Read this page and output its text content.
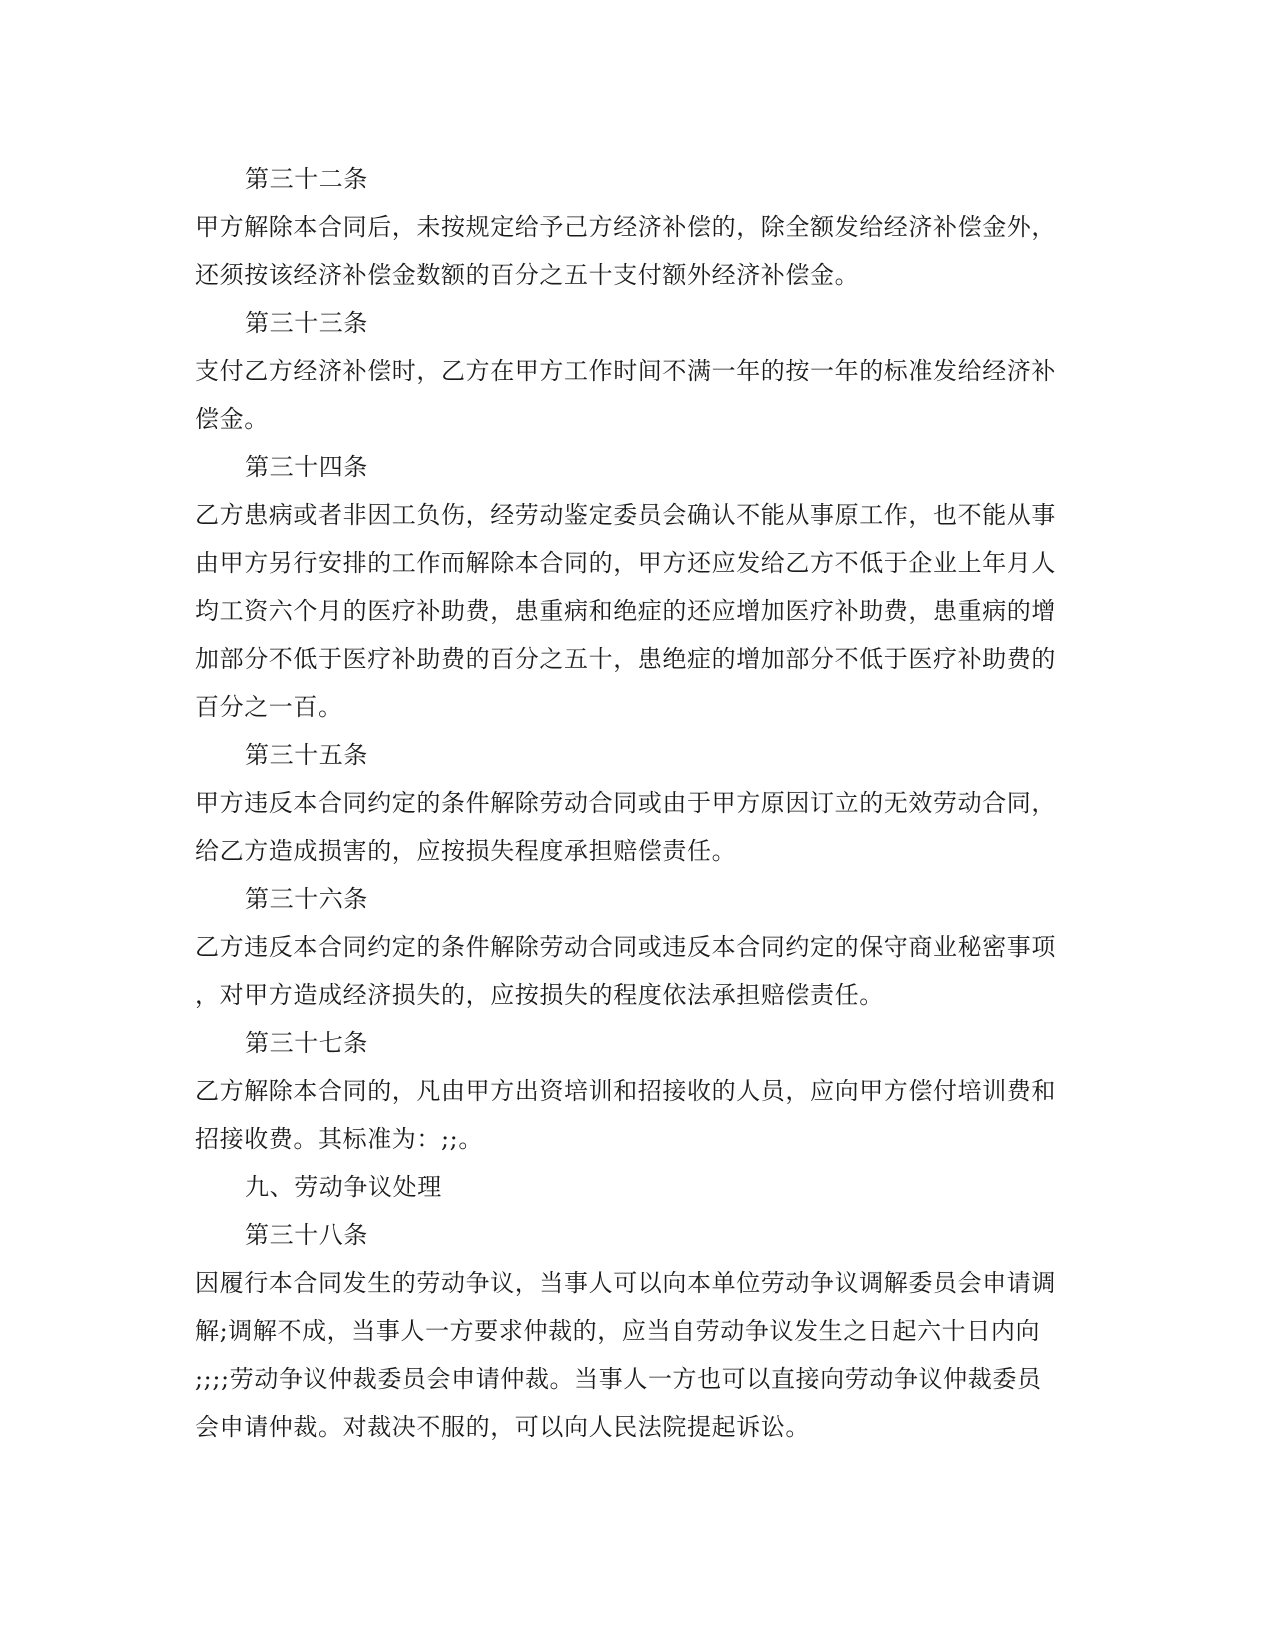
第三十二条
甲方解除本合同后，未按规定给予己方经济补偿的，除全额发给经济补偿金外，
还须按该经济补偿金数额的百分之五十支付额外经济补偿金。
第三十三条
支付乙方经济补偿时，乙方在甲方工作时间不满一年的按一年的标准发给经济补
偿金。
第三十四条
乙方患病或者非因工负伤，经劳动鉴定委员会确认不能从事原工作，也不能从事
由甲方另行安排的工作而解除本合同的，甲方还应发给乙方不低于企业上年月人
均工资六个月的医疗补助费，患重病和绝症的还应增加医疗补助费，患重病的增
加部分不低于医疗补助费的百分之五十，患绝症的增加部分不低于医疗补助费的
百分之一百。
第三十五条
甲方违反本合同约定的条件解除劳动合同或由于甲方原因订立的无效劳动合同，
给乙方造成损害的，应按损失程度承担赔偿责任。
第三十六条
乙方违反本合同约定的条件解除劳动合同或违反本合同约定的保守商业秘密事项
，对甲方造成经济损失的，应按损失的程度依法承担赔偿责任。
第三十七条
乙方解除本合同的，凡由甲方出资培训和招接收的人员，应向甲方偿付培训费和
招接收费。其标准为：;;。
九、劳动争议处理
第三十八条
因履行本合同发生的劳动争议，当事人可以向本单位劳动争议调解委员会申请调
解;调解不成，当事人一方要求仲裁的，应当自劳动争议发生之日起六十日内向
;;;;劳动争议仲裁委员会申请仲裁。当事人一方也可以直接向劳动争议仲裁委员
会申请仲裁。对裁决不服的，可以向人民法院提起诉讼。
